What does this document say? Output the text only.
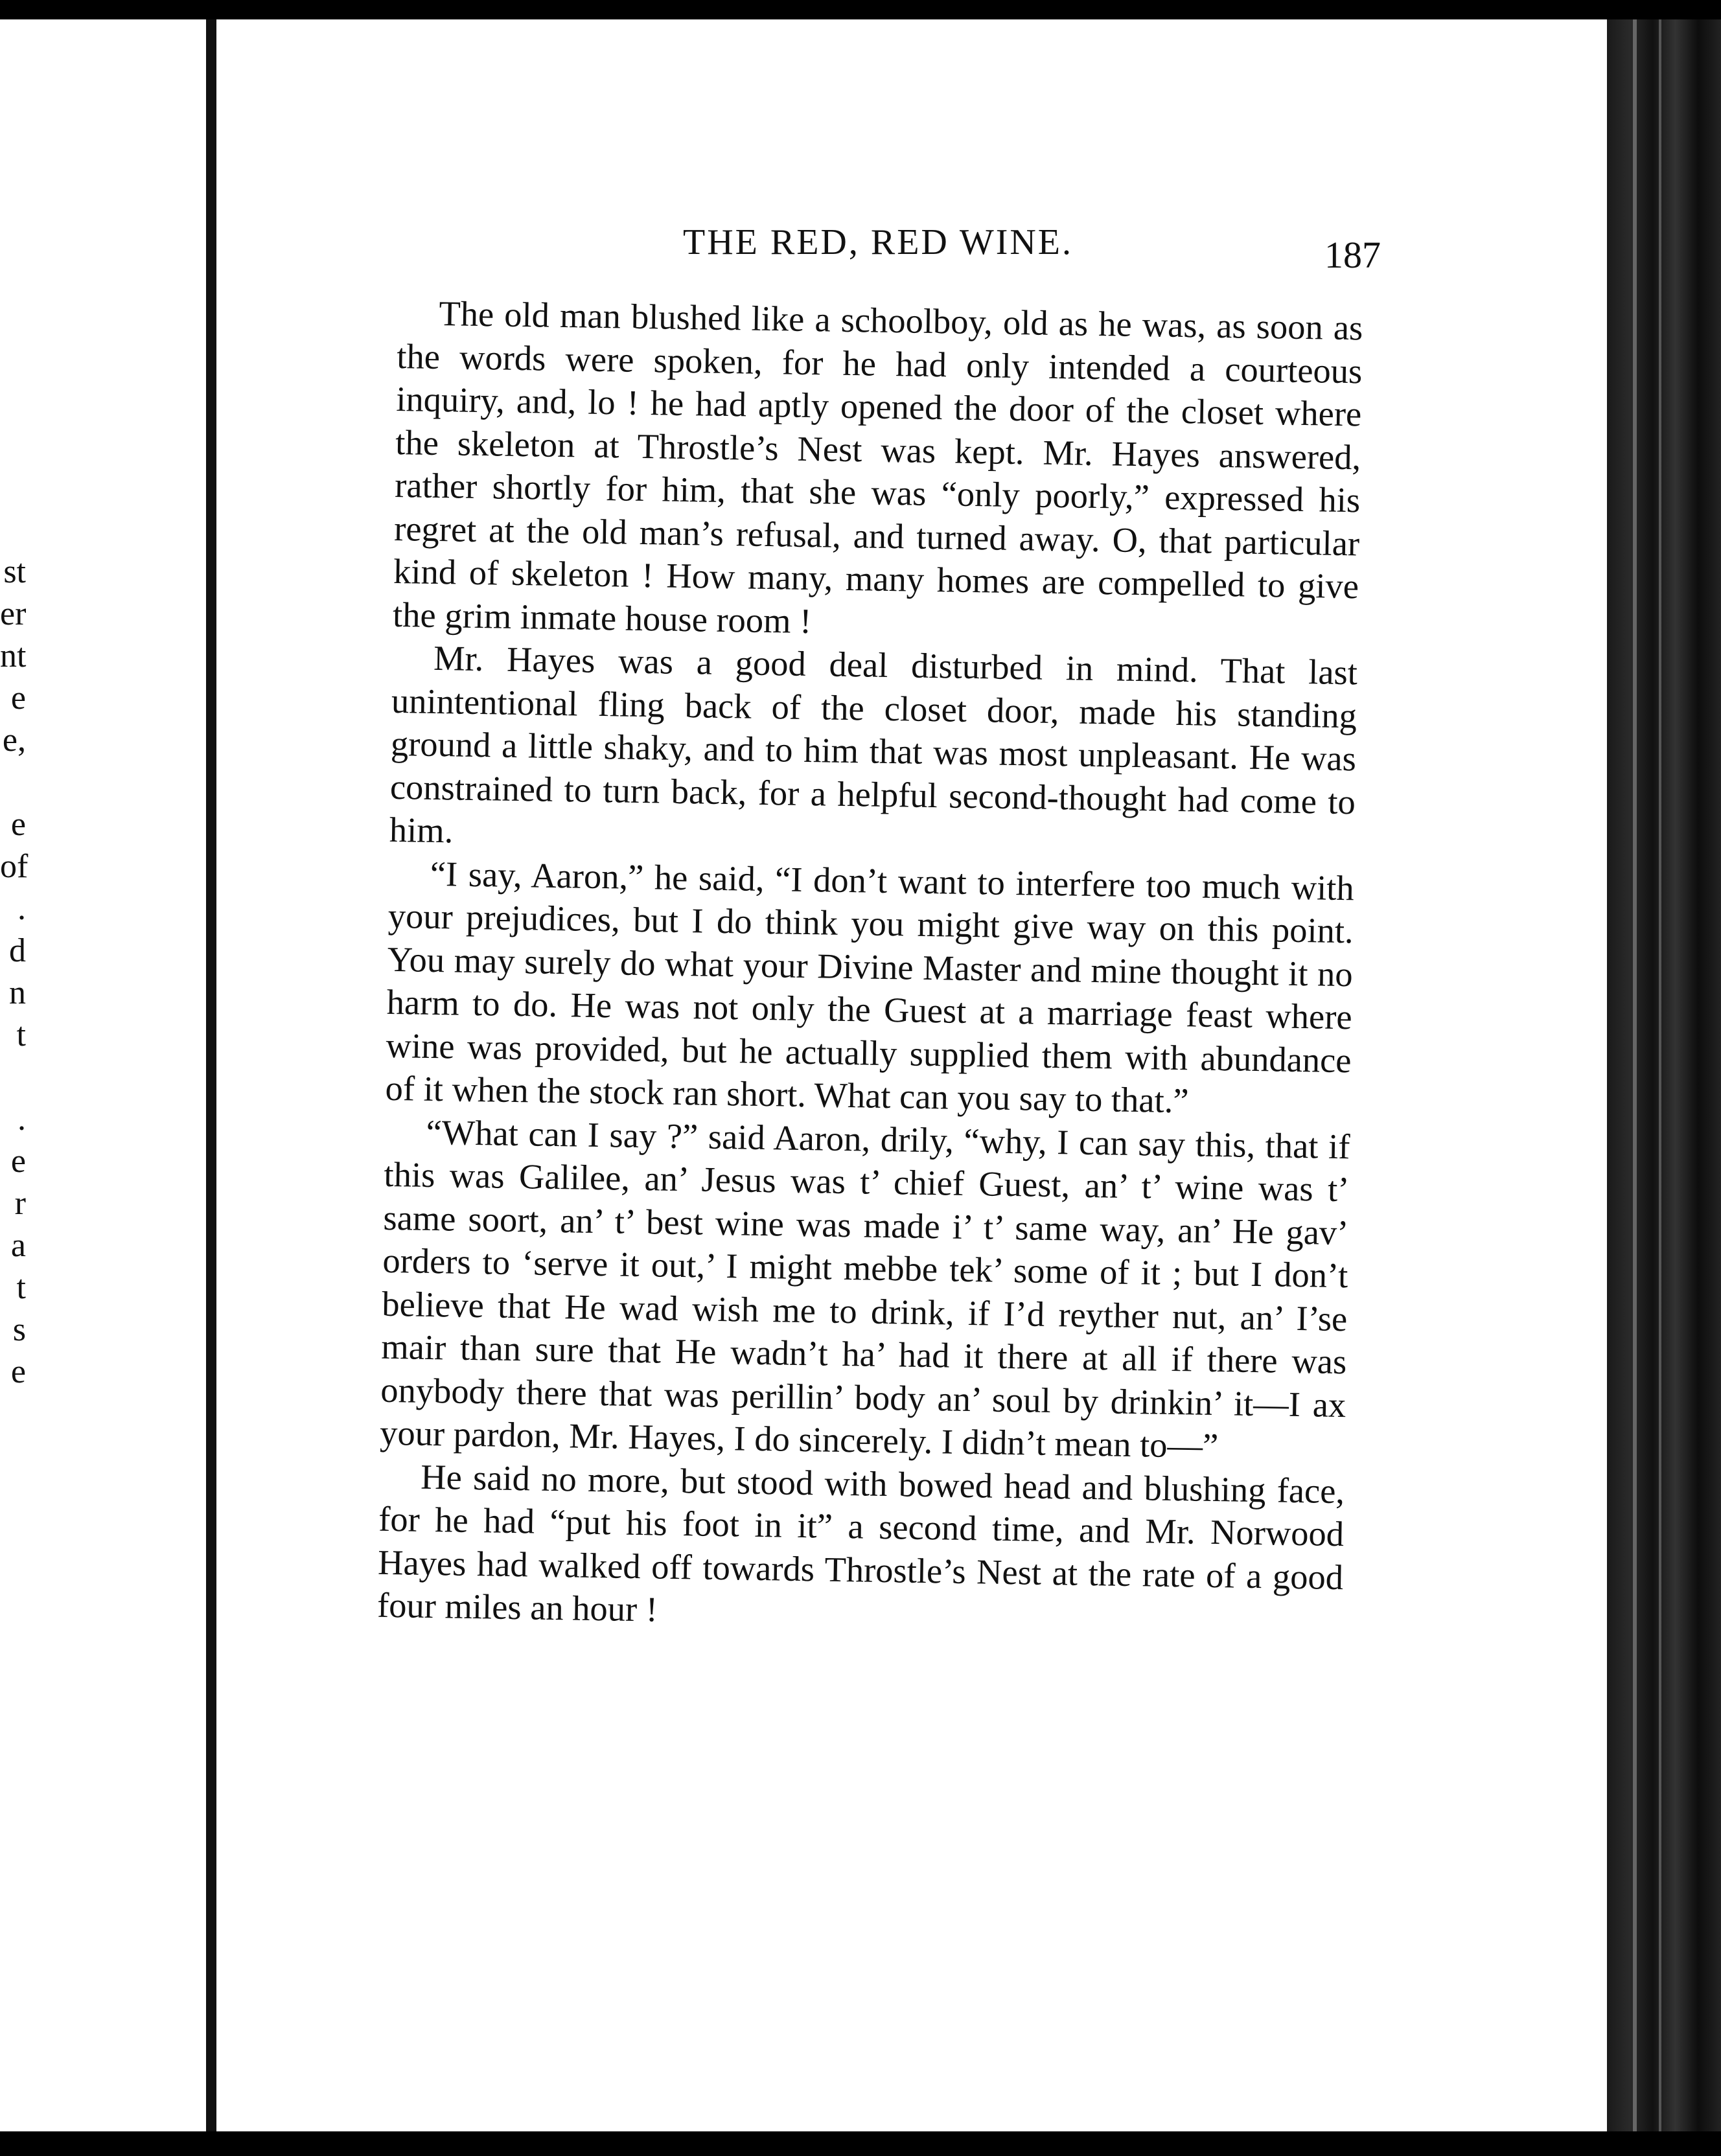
st
er
nt
e
e,
e
of
.
d
n
t
.
e
r
a
t
s
e
THE RED, RED WINE.	187

The old man blushed like a schoolboy, old as he was, as soon as the words were spoken, for he had only intended a courteous inquiry, and, lo ! he had aptly opened the door of the closet where the skeleton at Throstle’s Nest was kept. Mr. Hayes answered, rather shortly for him, that she was “only poorly,” expressed his regret at the old man’s refusal, and turned away. O, that particular kind of skeleton ! How many, many homes are compelled to give the grim inmate house room !

Mr. Hayes was a good deal disturbed in mind. That last unintentional fling back of the closet door, made his standing ground a little shaky, and to him that was most unpleasant. He was constrained to turn back, for a helpful second-thought had come to him.

“I say, Aaron,” he said, “I don’t want to interfere too much with your prejudices, but I do think you might give way on this point. You may surely do what your Divine Master and mine thought it no harm to do. He was not only the Guest at a marriage feast where wine was provided, but he actually supplied them with abundance of it when the stock ran short. What can you say to that.”

“What can I say ?” said Aaron, drily, “why, I can say this, that if this was Galilee, an’ Jesus was t’ chief Guest, an’ t’ wine was t’ same soort, an’ t’ best wine was made i’ t’ same way, an’ He gav’ orders to ‘serve it out,’ I might mebbe tek’ some of it ; but I don’t believe that He wad wish me to drink, if I’d reyther nut, an’ I’se mair than sure that He wadn’t ha’ had it there at all if there was onybody there that was perillin’ body an’ soul by drinkin’ it—I ax your pardon, Mr. Hayes, I do sincerely. I didn’t mean to—”

He said no more, but stood with bowed head and blushing face, for he had “put his foot in it” a second time, and Mr. Norwood Hayes had walked off towards Throstle’s Nest at the rate of a good four miles an hour !
